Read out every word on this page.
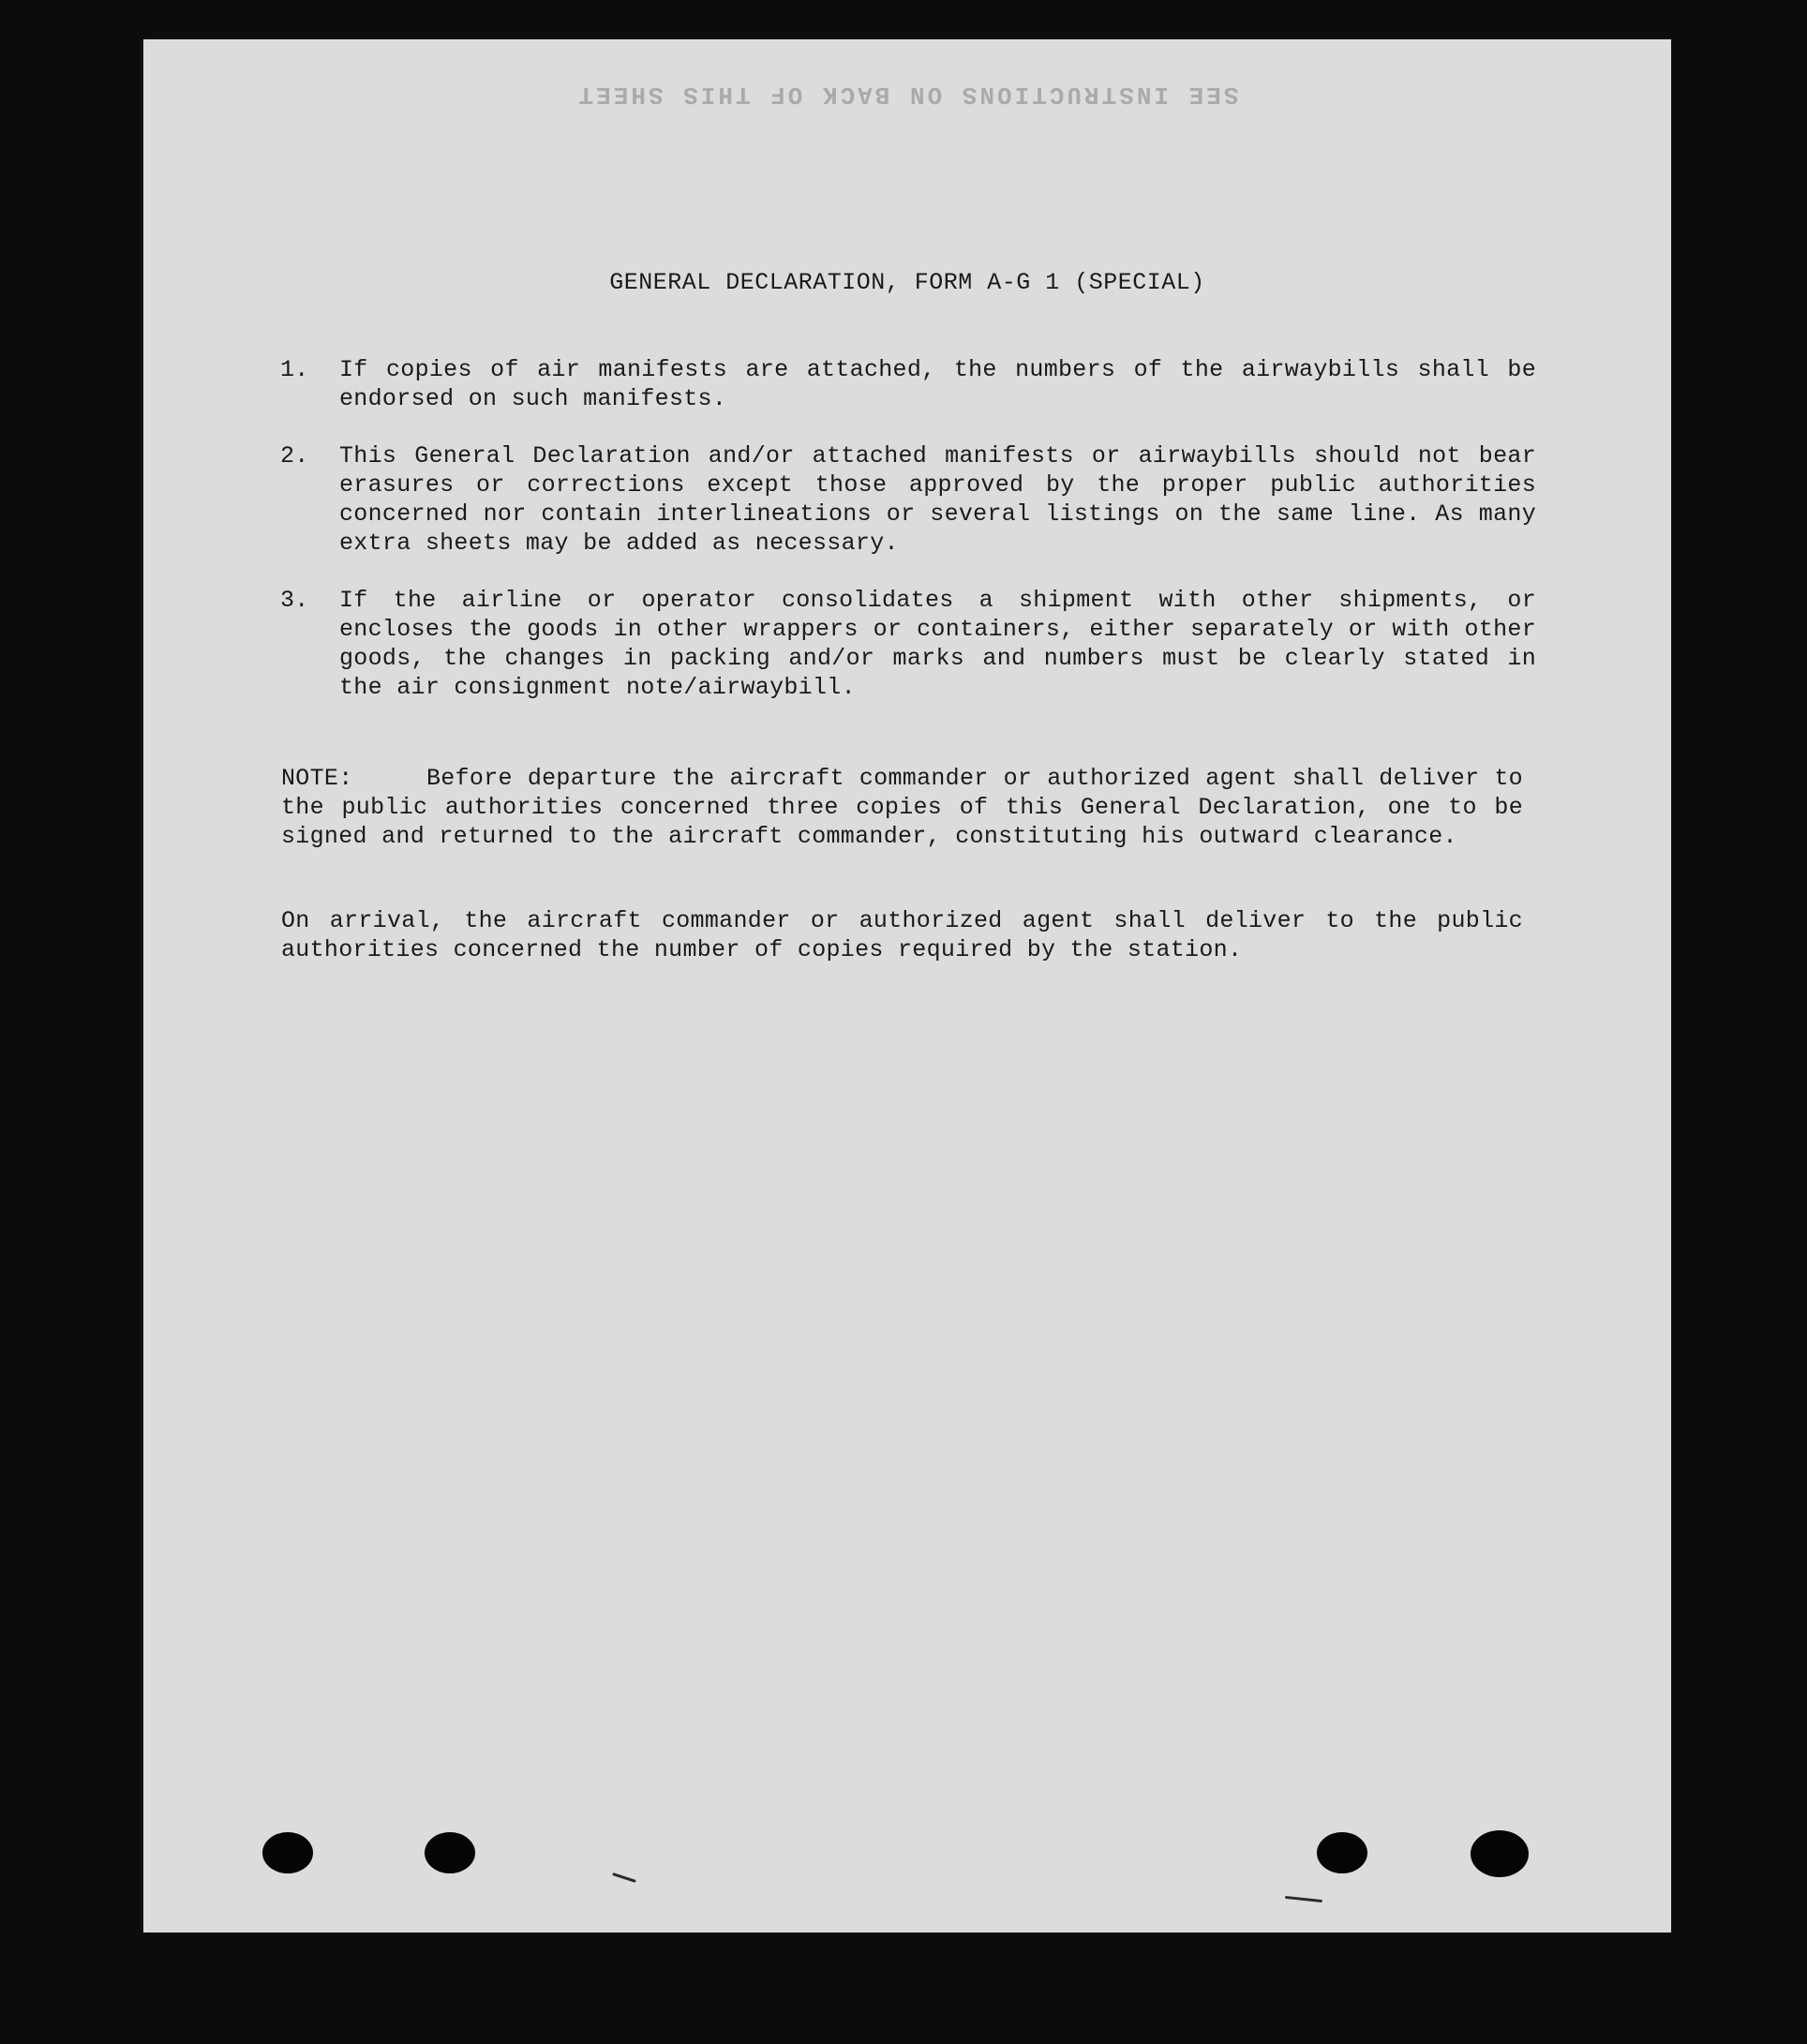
SEE INSTRUCTIONS ON BACK OF THIS SHEET
GENERAL DECLARATION, FORM A-G 1 (SPECIAL)
1.	If copies of air manifests are attached, the numbers of the airwaybills shall be endorsed on such manifests.
2.	This General Declaration and/or attached manifests or airwaybills should not bear erasures or corrections except those approved by the proper public authorities concerned nor contain interlineations or several listings on the same line. As many extra sheets may be added as necessary.
3.	If the airline or operator consolidates a shipment with other shipments, or encloses the goods in other wrappers or containers, either separately or with other goods, the changes in packing and/or marks and numbers must be clearly stated in the air consignment note/airwaybill.
NOTE:	Before departure the aircraft commander or authorized agent shall deliver to the public authorities concerned three copies of this General Declaration, one to be signed and returned to the aircraft commander, constituting his outward clearance.
On arrival, the aircraft commander or authorized agent shall deliver to the public authorities concerned the number of copies required by the station.
